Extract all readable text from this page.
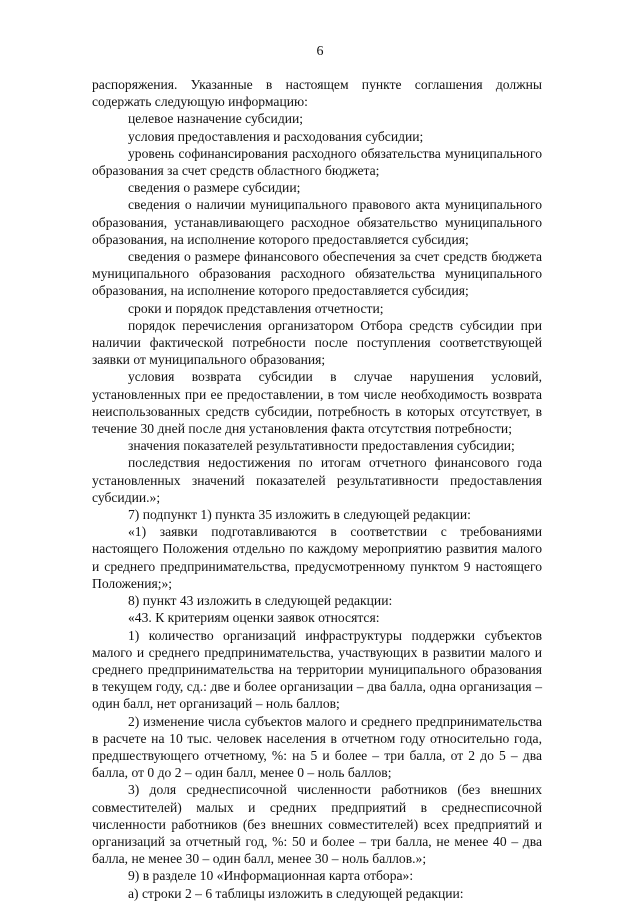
6

распоряжения. Указанные в настоящем пункте соглашения должны содержать следующую информацию:

целевое назначение субсидии;

условия предоставления и расходования субсидии;

уровень софинансирования расходного обязательства муниципального образования за счет средств областного бюджета;

сведения о размере субсидии;

сведения о наличии муниципального правового акта муниципального образования, устанавливающего расходное обязательство муниципального образования, на исполнение которого предоставляется субсидия;

сведения о размере финансового обеспечения за счет средств бюджета муниципального образования расходного обязательства муниципального образования, на исполнение которого предоставляется субсидия;

сроки и порядок представления отчетности;

порядок перечисления организатором Отбора средств субсидии при наличии фактической потребности после поступления соответствующей заявки от муниципального образования;

условия возврата субсидии в случае нарушения условий, установленных при ее предоставлении, в том числе необходимость возврата неиспользованных средств субсидии, потребность в которых отсутствует, в течение 30 дней после дня установления факта отсутствия потребности;

значения показателей результативности предоставления субсидии;

последствия недостижения по итогам отчетного финансового года установленных значений показателей результативности предоставления субсидии.»;

7) подпункт 1) пункта 35 изложить в следующей редакции:

«1) заявки подготавливаются в соответствии с требованиями настоящего Положения отдельно по каждому мероприятию развития малого и среднего предпринимательства, предусмотренному пунктом 9 настоящего Положения;»;

8) пункт 43 изложить в следующей редакции:

«43. К критериям оценки заявок относятся:

1) количество организаций инфраструктуры поддержки субъектов малого и среднего предпринимательства, участвующих в развитии малого и среднего предпринимательства на территории муниципального образования в текущем году, сд.: две и более организации – два балла, одна организация – один балл, нет организаций – ноль баллов;

2) изменение числа субъектов малого и среднего предпринимательства в расчете на 10 тыс. человек населения в отчетном году относительно года, предшествующего отчетному, %: на 5 и более – три балла, от 2 до 5 – два балла, от 0 до 2 – один балл, менее 0 – ноль баллов;

3) доля среднесписочной численности работников (без внешних совместителей) малых и средних предприятий в среднесписочной численности работников (без внешних совместителей) всех предприятий и организаций за отчетный год, %: 50 и более – три балла, не менее 40 – два балла, не менее 30 – один балл, менее 30 – ноль баллов.»;

9) в разделе 10 «Информационная карта отбора»:

а) строки 2 – 6 таблицы изложить в следующей редакции:
